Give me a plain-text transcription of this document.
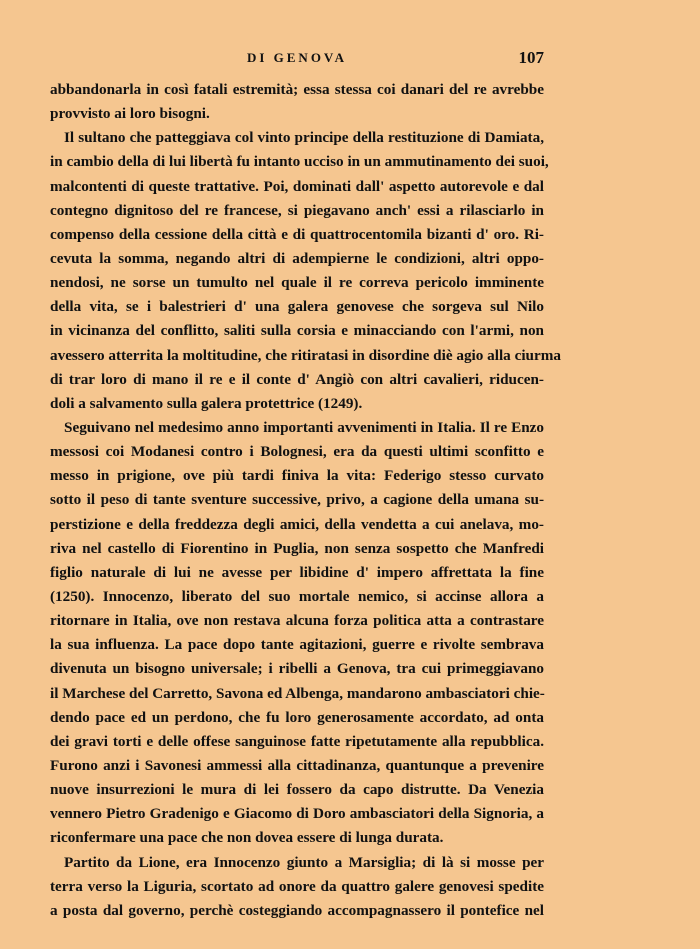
DI GENOVA	107
abbandonarla in così fatali estremità; essa stessa coi danari del re avrebbe
provvisto ai loro bisogni.
Il sultano che patteggiava col vinto principe della restituzione di Damiata,
in cambio della di lui libertà fu intanto ucciso in un ammutinamento dei suoi,
malcontenti di queste trattative. Poi, dominati dall' aspetto autorevole e dal
contegno dignitoso del re francese, si piegavano anch' essi a rilasciarlo in
compenso della cessione della città e di quattrocentomila bizanti d' oro. Ri-
cevuta la somma, negando altri di adempierne le condizioni, altri oppo-
nendosi, ne sorse un tumulto nel quale il re correva pericolo imminente
della vita, se i balestrieri d' una galera genovese che sorgeva sul Nilo
in vicinanza del conflitto, saliti sulla corsia e minacciando con l'armi, non
avessero atterrita la moltitudine, che ritiratasi in disordine diè agio alla ciurma
di trar loro di mano il re e il conte d' Angiò con altri cavalieri, riducen-
doli a salvamento sulla galera protettrice (1249).
Seguivano nel medesimo anno importanti avvenimenti in Italia. Il re Enzo
messosi coi Modanesi contro i Bolognesi, era da questi ultimi sconfitto e
messo in prigione, ove più tardi finiva la vita: Federigo stesso curvato
sotto il peso di tante sventure successive, privo, a cagione della umana su-
perstizione e della freddezza degli amici, della vendetta a cui anelava, mo-
riva nel castello di Fiorentino in Puglia, non senza sospetto che Manfredi
figlio naturale di lui ne avesse per libidine d' impero affrettata la fine
(1250). Innocenzo, liberato del suo mortale nemico, si accinse allora a
ritornare in Italia, ove non restava alcuna forza politica atta a contrastare
la sua influenza. La pace dopo tante agitazioni, guerre e rivolte sembrava
divenuta un bisogno universale; i ribelli a Genova, tra cui primeggiavano
il Marchese del Carretto, Savona ed Albenga, mandarono ambasciatori chie-
dendo pace ed un perdono, che fu loro generosamente accordato, ad onta
dei gravi torti e delle offese sanguinose fatte ripetutamente alla repubblica.
Furono anzi i Savonesi ammessi alla cittadinanza, quantunque a prevenire
nuove insurrezioni le mura di lei fossero da capo distrutte. Da Venezia
vennero Pietro Gradenigo e Giacomo di Doro ambasciatori della Signoria, a
riconfermare una pace che non dovea essere di lunga durata.
Partito da Lione, era Innocenzo giunto a Marsiglia; di là si mosse per
terra verso la Liguria, scortato ad onore da quattro galere genovesi spedite
a posta dal governo, perchè costeggiando accompagnassero il pontefice nel
